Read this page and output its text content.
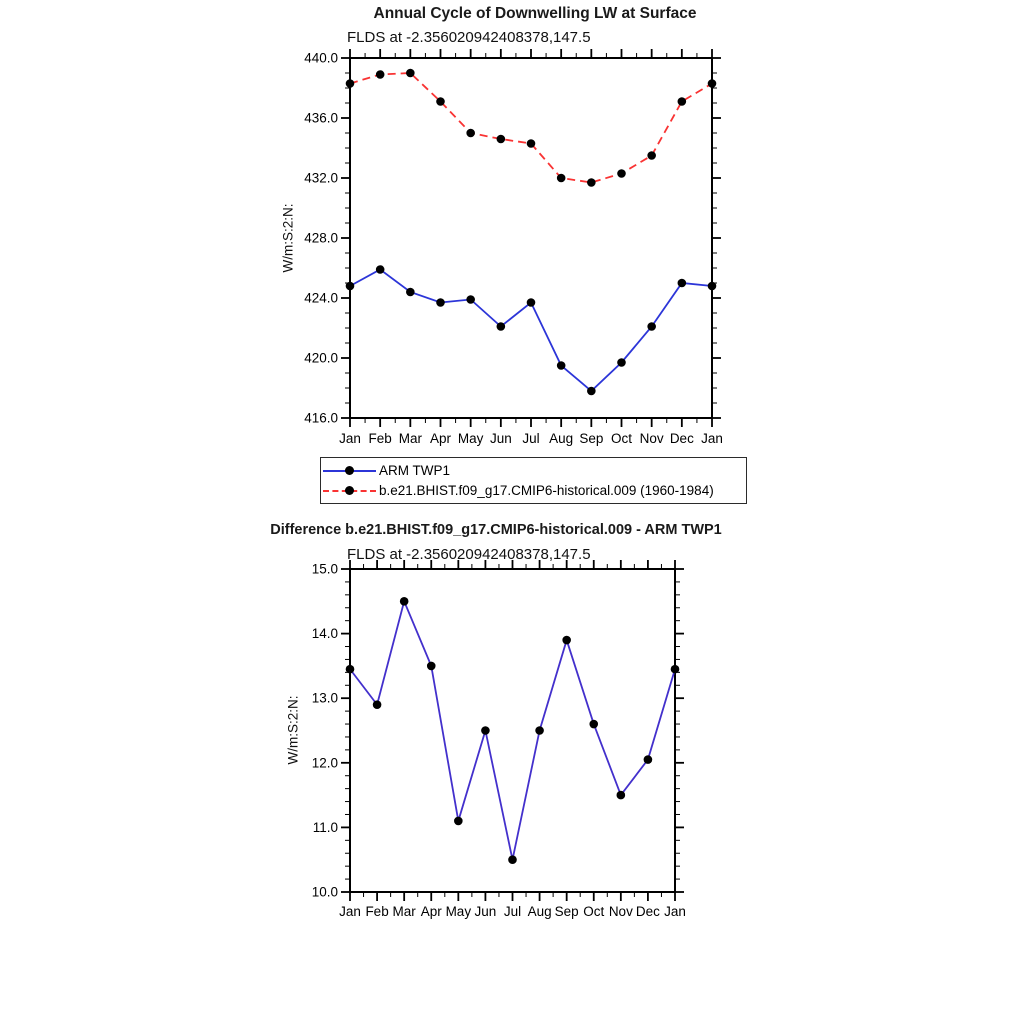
Annual Cycle of Downwelling LW at Surface
FLDS at -2.356020942408378,147.5
W/m:S:2:N:
Difference b.e21.BHIST.f09_g17.CMIP6-historical.009 - ARM TWP1
FLDS at -2.356020942408378,147.5
W/m:S:2:N:
416.0
420.0
424.0
428.0
432.0
436.0
440.0
Jan Feb Mar Apr May Jun Jul Aug Sep Oct Nov Dec Jan
10.0
11.0
12.0
13.0
14.0
15.0
Jan Feb Mar Apr May Jun Jul Aug Sep Oct Nov Dec Jan
ARM TWP1
b.e21.BHIST.f09_g17.CMIP6-historical.009 (1960-1984)
